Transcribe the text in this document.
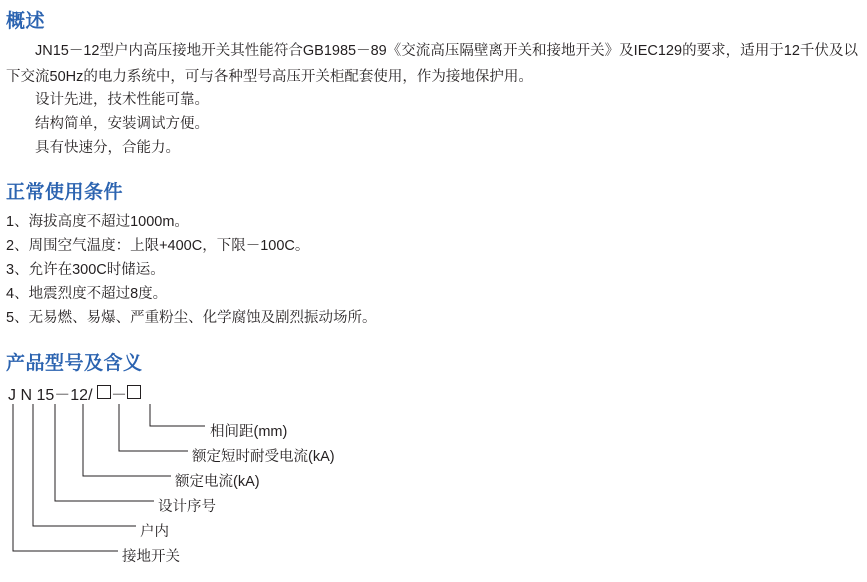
概述
JN15－12型户内高压接地开关其性能符合GB1985－89《交流高压隔壁离开关和接地开关》及IEC129的要求，适用于12千伏及以下交流50Hz的电力系统中，可与各种型号高压开关柜配套使用，作为接地保护用。
设计先进，技术性能可靠。
结构简单，安装调试方便。
具有快速分，合能力。
正常使用条件
1、海拔高度不超过1000m。
2、周围空气温度：上限+400C，下限－100C。
3、允许在300C时储运。
4、地震烈度不超过8度。
5、无易燃、易爆、严重粉尘、化学腐蚀及剧烈振动场所。
产品型号及含义
J N 15－12/ －
相间距(mm)
额定短时耐受电流(kA)
额定电流(kA)
设计序号
户内
接地开关
